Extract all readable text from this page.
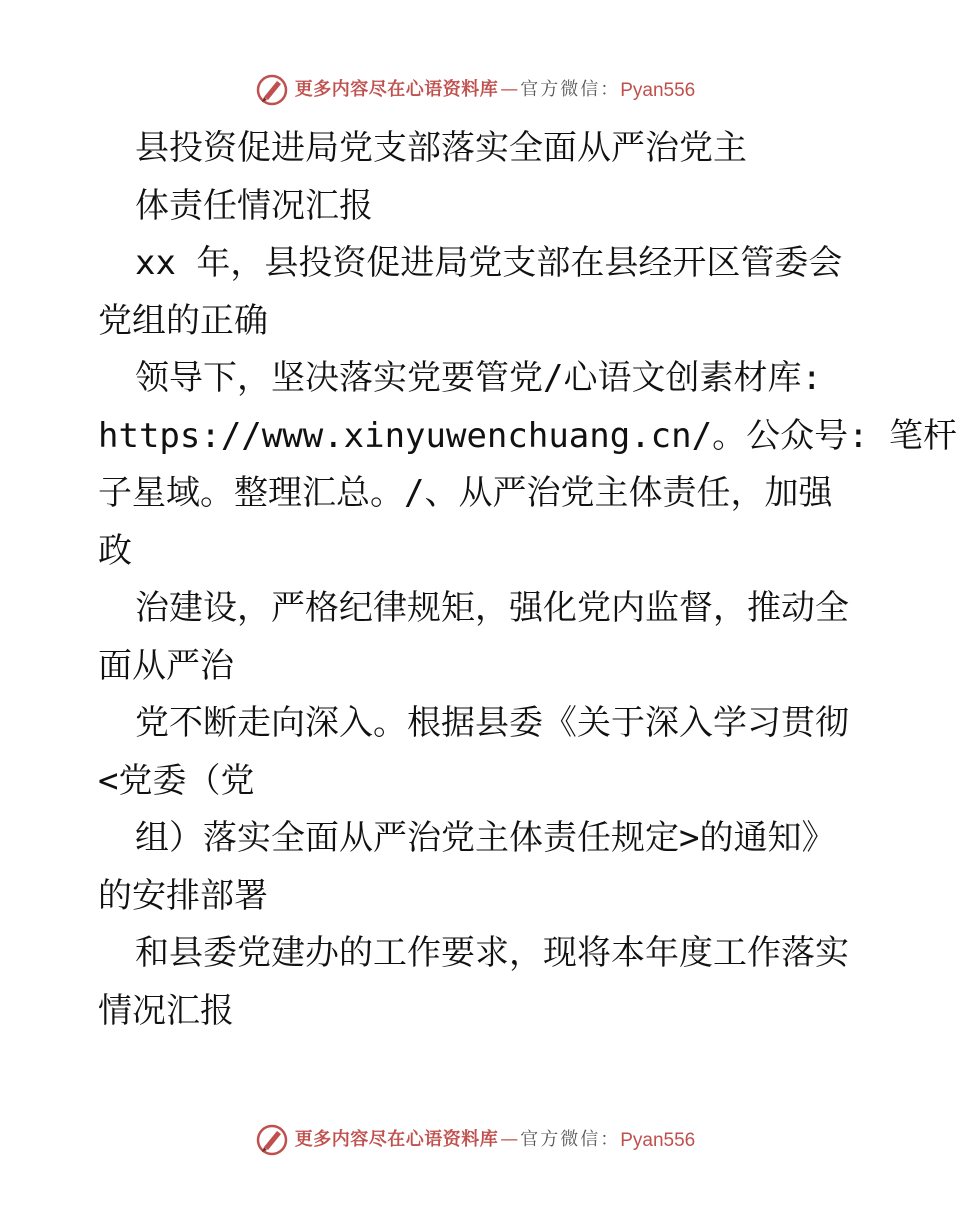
更多内容尽在心语资料库 — 官方微信： Pyan556
县投资促进局党支部落实全面从严治党主
体责任情况汇报
xx 年，县投资促进局党支部在县经开区管委会
党组的正确
领导下，坚决落实党要管党/心语文创素材库:
https://www.xinyuwenchuang.cn/。公众号: 笔杆
子星域。整理汇总。/、从严治党主体责任，加强
政
治建设，严格纪律规矩，强化党内监督，推动全
面从严治
党不断走向深入。根据县委《关于深入学习贯彻
<党委（党
组）落实全面从严治党主体责任规定>的通知》
的安排部署
和县委党建办的工作要求，现将本年度工作落实
情况汇报
更多内容尽在心语资料库 — 官方微信： Pyan556
